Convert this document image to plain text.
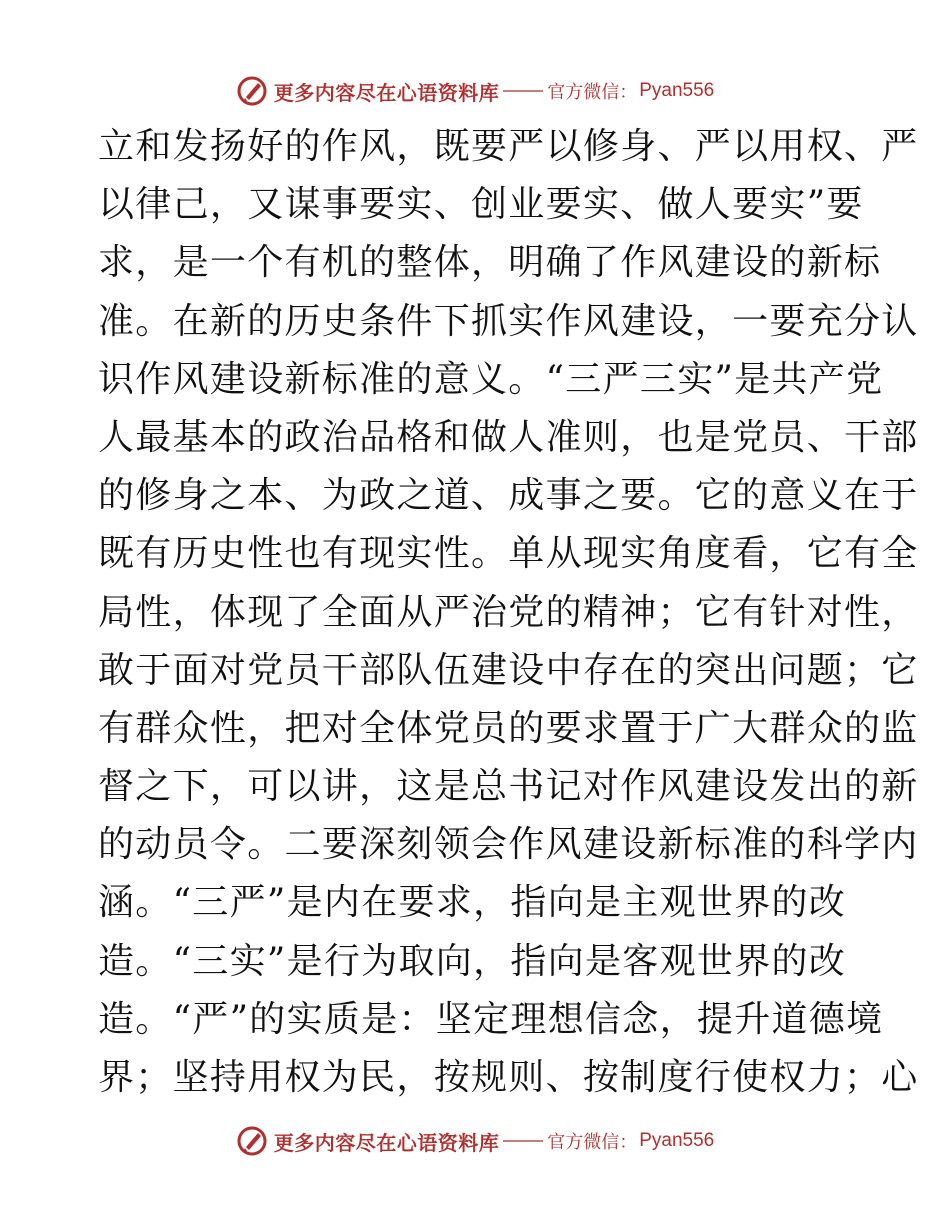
更多内容尽在心语资料库	官方微信： Pyan556
立和发扬好的作风，既要严以修身、严以用权、严
以律己，又谋事要实、创业要实、做人要实”要
求，是一个有机的整体，明确了作风建设的新标
准。在新的历史条件下抓实作风建设，一要充分认
识作风建设新标准的意义。“三严三实”是共产党
人最基本的政治品格和做人准则，也是党员、干部
的修身之本、为政之道、成事之要。它的意义在于
既有历史性也有现实性。单从现实角度看，它有全
局性，体现了全面从严治党的精神；它有针对性，
敢于面对党员干部队伍建设中存在的突出问题；它
有群众性，把对全体党员的要求置于广大群众的监
督之下，可以讲，这是总书记对作风建设发出的新
的动员令。二要深刻领会作风建设新标准的科学内
涵。“三严”是内在要求，指向是主观世界的改
造。“三实”是行为取向，指向是客观世界的改
造。“严”的实质是：坚定理想信念，提升道德境
界；坚持用权为民，按规则、按制度行使权力；心
更多内容尽在心语资料库	官方微信： Pyan556
